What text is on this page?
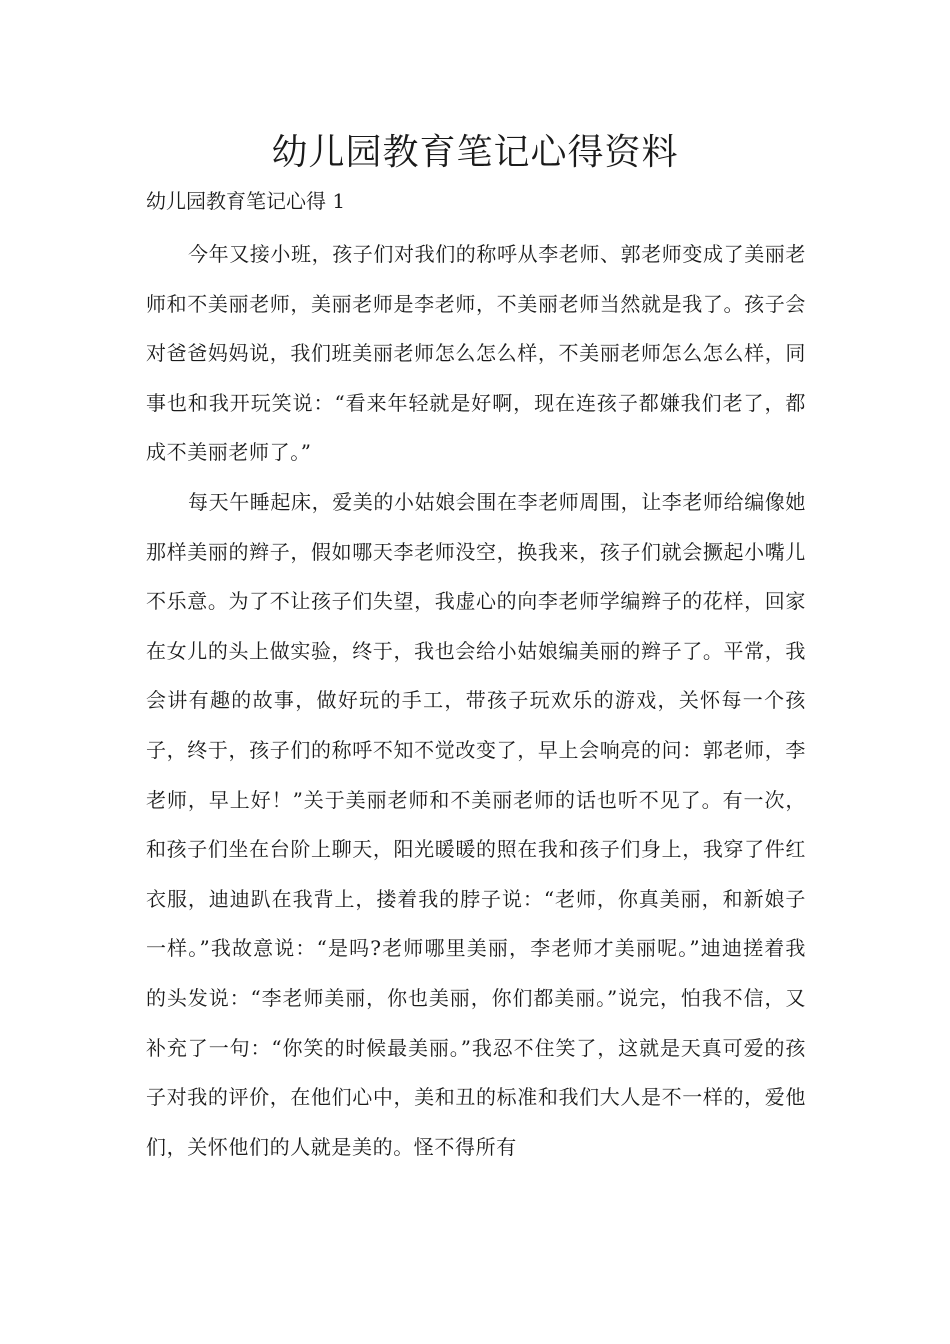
幼儿园教育笔记心得资料
幼儿园教育笔记心得 1

今年又接小班，孩子们对我们的称呼从李老师、郭老师变成了美丽老师和不美丽老师，美丽老师是李老师，不美丽老师当然就是我了。孩子会对爸爸妈妈说，我们班美丽老师怎么怎么样，不美丽老师怎么怎么样，同事也和我开玩笑说：“看来年轻就是好啊，现在连孩子都嫌我们老了，都成不美丽老师了。”

每天午睡起床，爱美的小姑娘会围在李老师周围，让李老师给编像她那样美丽的辫子，假如哪天李老师没空，换我来，孩子们就会撅起小嘴儿不乐意。为了不让孩子们失望，我虚心的向李老师学编辫子的花样，回家在女儿的头上做实验，终于，我也会给小姑娘编美丽的辫子了。平常，我会讲有趣的故事，做好玩的手工，带孩子玩欢乐的游戏，关怀每一个孩子，终于，孩子们的称呼不知不觉改变了，早上会响亮的问：郭老师，李老师，早上好！”关于美丽老师和不美丽老师的话也听不见了。有一次，和孩子们坐在台阶上聊天，阳光暖暖的照在我和孩子们身上，我穿了件红衣服，迪迪趴在我背上，搂着我的脖子说：“老师，你真美丽，和新娘子一样。”我故意说：“是吗?老师哪里美丽，李老师才美丽呢。”迪迪搓着我的头发说：“李老师美丽，你也美丽，你们都美丽。”说完，怕我不信，又补充了一句：“你笑的时候最美丽。”我忍不住笑了，这就是天真可爱的孩子对我的评价，在他们心中，美和丑的标准和我们大人是不一样的，爱他们，关怀他们的人就是美的。怪不得所有
